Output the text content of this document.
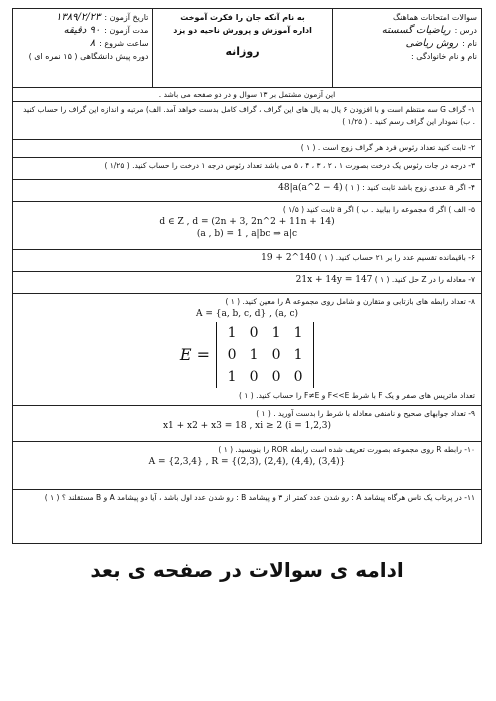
سوالات امتحانات هماهنگ
درس :
ریاضیات گسسته
نام :
روش ریاضی
نام و نام خانوادگی :
به نام آنکه جان را فکرت آموخت
اداره آموزش و پرورش ناحیه دو یزد
روزانه
تاریخ آزمون :
۱۳۸۹/۲/۲۳
مدت آزمون :
۹۰ دقیقه
ساعت شروع :
۸
دوره پیش دانشگاهی ( ۱۵ نمره ای )
این آزمون مشتمل بر ۱۳ سوال و در دو صفحه می باشد .
۱- گراف G سه منتظم است و با افزودن ۶ یال به یال های این گراف ، گراف کامل بدست خواهد آمد. الف) مرتبه و اندازه این گراف را حساب کنید . ب) نمودار این گراف رسم کنید . ( ۱/۲۵ )
۲- ثابت کنید تعداد رئوس فرد هر گراف زوج است . ( ۱ )
۳- درجه در جات رئوس یک درخت بصورت ۱ ، ۲ ، ۳ ، ۴ ، ۵ می باشد تعداد رئوس درجه ۱ درخت را حساب کنید. ( ۱/۲۵ )
۴- اگر a عددی زوج باشد ثابت کنید : ( ۱ ) 48|a(a^2 − 4)
۵- الف ) اگر d مجموعه را بیابید . ب ) اگر a ثابت کنید ( ۱/۵ )
d ∈ Z , d = (2n + 3, 2n^2 + 11n + 14)
(a , b) = 1 , a|bc ⇒ a|c
۶- باقیمانده تقسیم عدد را بر ۲۱ حساب کنید. ( ۱ ) 19 + 2^140
۷- معادله را در Z حل کنید. ( ۱ ) 21x + 14y = 147
۸- تعداد رابطه های بازتابی و متقارن و شامل روی مجموعه A را معین کنید. ( ۱ )
A = {a, b, c, d} , (a, c)
E =
1 0 1 1
0 1 0 1
1 0 0 0
تعداد ماتریس های صفر و یک F با شرط F<<E و F≠E را حساب کنید. ( ۱ )
۹- تعداد جوابهای صحیح و نامنفی معادله با شرط را بدست آورید . ( ۱ )
x1 + x2 + x3 = 18 , xi ≥ 2 (i = 1,2,3)
۱۰- رابطه R روی مجموعه بصورت تعریف شده است رابطه ROR را بنویسید. ( ۱ )
A = {2,3,4} , R = {(2,3), (2,4), (4,4), (3,4)}
۱۱- در پرتاب یک تاس هرگاه پیشامد A : رو شدن عدد کمتر از ۳ و پیشامد B : رو شدن عدد اول باشد ، آیا دو پیشامد A و B مستقلند ؟ ( ۱ )
ادامه ی سوالات در صفحه ی بعد
